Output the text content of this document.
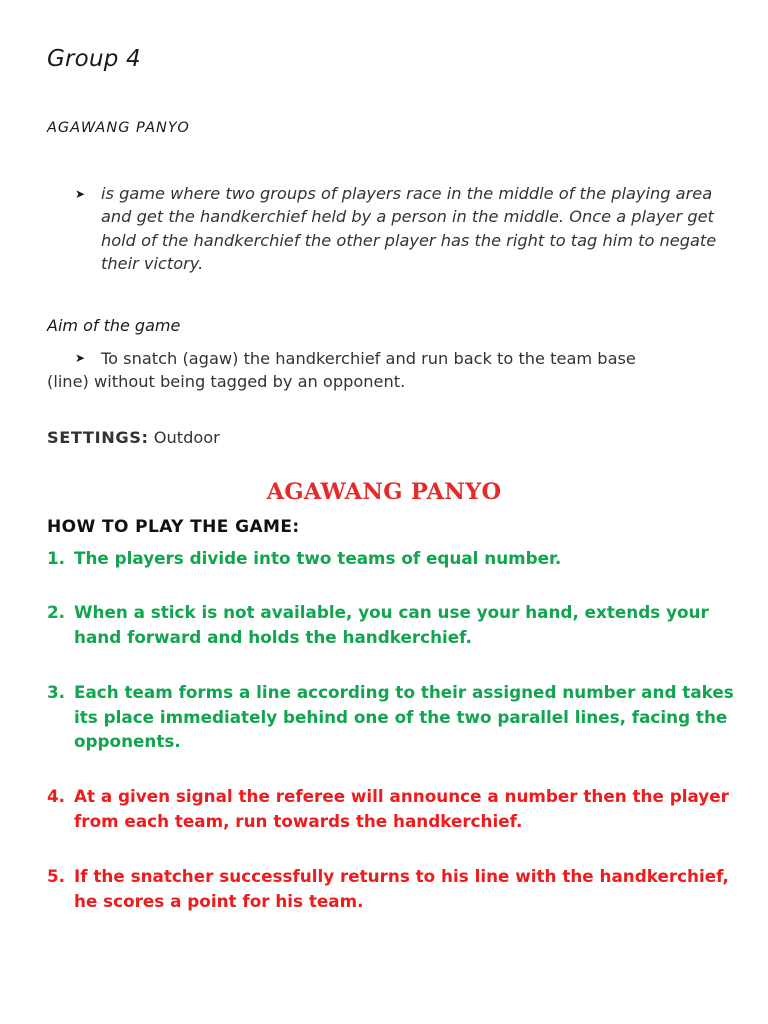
Group 4
AGAWANG PANYO
➤ is game where two groups of players race in the middle of the playing area and get the handkerchief held by a person in the middle. Once a player get hold of the handkerchief the other player has the right to tag him to negate their victory.
Aim of the game
➤ To snatch (agaw) the handkerchief and run back to the team base
(line) without being tagged by an opponent.
SETTINGS: Outdoor
AGAWANG PANYO
HOW TO PLAY THE GAME:
1. The players divide into two teams of equal number.
2. When a stick is not available, you can use your hand, extends your hand forward and holds the handkerchief.
3. Each team forms a line according to their assigned number and takes its place immediately behind one of the two parallel lines, facing the opponents.
4. At a given signal the referee will announce a number then the player from each team, run towards the handkerchief.
5. If the snatcher successfully returns to his line with the handkerchief, he scores a point for his team.
